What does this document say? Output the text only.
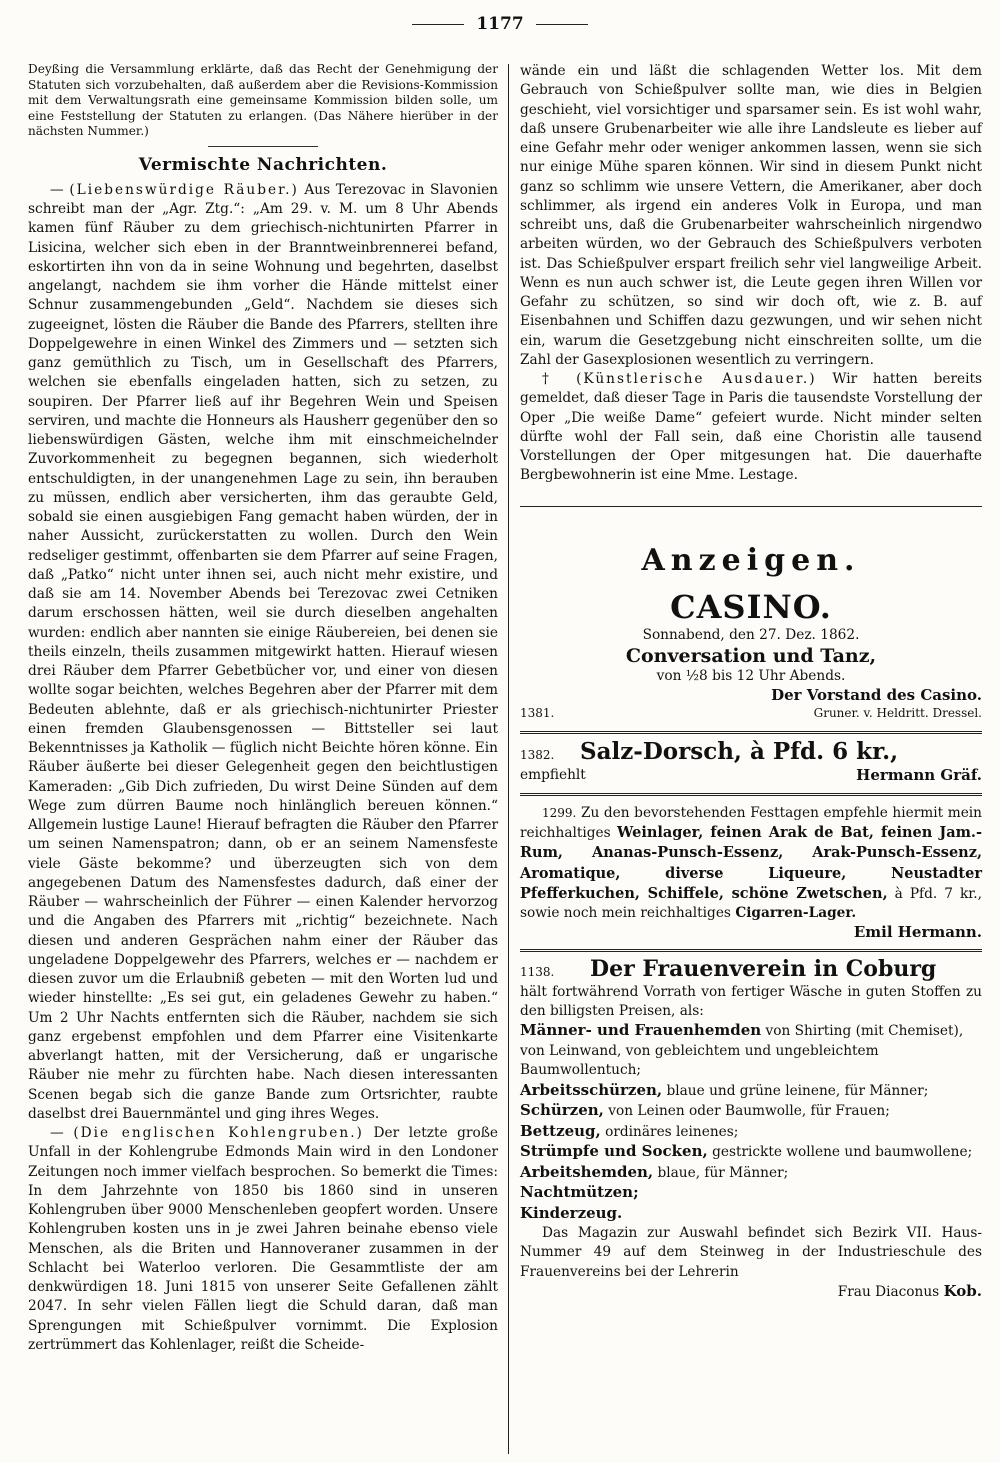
1177

Deyßing die Versammlung erklärte, daß das Recht der Genehmigung der Statuten sich vorzubehalten, daß außerdem aber die Revisions-Kommission mit dem Verwaltungsrath eine gemeinsame Kommission bilden solle, um eine Feststellung der Statuten zu erlangen. (Das Nähere hierüber in der nächsten Nummer.)

Vermischte Nachrichten.

— (Liebenswürdige Räuber.) Aus Terezovac in Slavonien schreibt man der „Agr. Ztg.“: „Am 29. v. M. um 8 Uhr Abends kamen fünf Räuber zu dem griechisch-nichtunirten Pfarrer in Lisicina, welcher sich eben in der Branntweinbrennerei befand, eskortirten ihn von da in seine Wohnung und begehrten, daselbst angelangt, nachdem sie ihm vorher die Hände mittelst einer Schnur zusammengebunden „Geld“. Nachdem sie dieses sich zugeeignet, lösten die Räuber die Bande des Pfarrers, stellten ihre Doppelgewehre in einen Winkel des Zimmers und — setzten sich ganz gemüthlich zu Tisch, um in Gesellschaft des Pfarrers, welchen sie ebenfalls eingeladen hatten, sich zu setzen, zu soupiren. Der Pfarrer ließ auf ihr Begehren Wein und Speisen serviren, und machte die Honneurs als Hausherr gegenüber den so liebenswürdigen Gästen, welche ihm mit einschmeichelnder Zuvorkommenheit zu begegnen begannen, sich wiederholt entschuldigten, in der unangenehmen Lage zu sein, ihn berauben zu müssen, endlich aber versicherten, ihm das geraubte Geld, sobald sie einen ausgiebigen Fang gemacht haben würden, der in naher Aussicht, zurückerstatten zu wollen. Durch den Wein redseliger gestimmt, offenbarten sie dem Pfarrer auf seine Fragen, daß „Patko“ nicht unter ihnen sei, auch nicht mehr existire, und daß sie am 14. November Abends bei Terezovac zwei Cetniken darum erschossen hätten, weil sie durch dieselben angehalten wurden: endlich aber nannten sie einige Räubereien, bei denen sie theils einzeln, theils zusammen mitgewirkt hatten. Hierauf wiesen drei Räuber dem Pfarrer Gebetbücher vor, und einer von diesen wollte sogar beichten, welches Begehren aber der Pfarrer mit dem Bedeuten ablehnte, daß er als griechisch-nichtunirter Priester einen fremden Glaubensgenossen — Bittsteller sei laut Bekenntnisses ja Katholik — füglich nicht Beichte hören könne. Ein Räuber äußerte bei dieser Gelegenheit gegen den beichtlustigen Kameraden: „Gib Dich zufrieden, Du wirst Deine Sünden auf dem Wege zum dürren Baume noch hinlänglich bereuen können.“ Allgemein lustige Laune! Hierauf befragten die Räuber den Pfarrer um seinen Namenspatron; dann, ob er an seinem Namensfeste viele Gäste bekomme? und überzeugten sich von dem angegebenen Datum des Namensfestes dadurch, daß einer der Räuber — wahrscheinlich der Führer — einen Kalender hervorzog und die Angaben des Pfarrers mit „richtig“ bezeichnete. Nach diesen und anderen Gesprächen nahm einer der Räuber das ungeladene Doppelgewehr des Pfarrers, welches er — nachdem er diesen zuvor um die Erlaubniß gebeten — mit den Worten lud und wieder hinstellte: „Es sei gut, ein geladenes Gewehr zu haben.“ Um 2 Uhr Nachts entfernten sich die Räuber, nachdem sie sich ganz ergebenst empfohlen und dem Pfarrer eine Visitenkarte abverlangt hatten, mit der Versicherung, daß er ungarische Räuber nie mehr zu fürchten habe. Nach diesen interessanten Scenen begab sich die ganze Bande zum Ortsrichter, raubte daselbst drei Bauernmäntel und ging ihres Weges.

— (Die englischen Kohlengruben.) Der letzte große Unfall in der Kohlengrube Edmonds Main wird in den Londoner Zeitungen noch immer vielfach besprochen. So bemerkt die Times: In dem Jahrzehnte von 1850 bis 1860 sind in unseren Kohlengruben über 9000 Menschenleben geopfert worden. Unsere Kohlengruben kosten uns in je zwei Jahren beinahe ebenso viele Menschen, als die Briten und Hannoveraner zusammen in der Schlacht bei Waterloo verloren. Die Gesammtliste der am denkwürdigen 18. Juni 1815 von unserer Seite Gefallenen zählt 2047. In sehr vielen Fällen liegt die Schuld daran, daß man Sprengungen mit Schießpulver vornimmt. Die Explosion zertrümmert das Kohlenlager, reißt die Scheide-

wände ein und läßt die schlagenden Wetter los. Mit dem Gebrauch von Schießpulver sollte man, wie dies in Belgien geschieht, viel vorsichtiger und sparsamer sein. Es ist wohl wahr, daß unsere Grubenarbeiter wie alle ihre Landsleute es lieber auf eine Gefahr mehr oder weniger ankommen lassen, wenn sie sich nur einige Mühe sparen können. Wir sind in diesem Punkt nicht ganz so schlimm wie unsere Vettern, die Amerikaner, aber doch schlimmer, als irgend ein anderes Volk in Europa, und man schreibt uns, daß die Grubenarbeiter wahrscheinlich nirgendwo arbeiten würden, wo der Gebrauch des Schießpulvers verboten ist. Das Schießpulver erspart freilich sehr viel langweilige Arbeit. Wenn es nun auch schwer ist, die Leute gegen ihren Willen vor Gefahr zu schützen, so sind wir doch oft, wie z. B. auf Eisenbahnen und Schiffen dazu gezwungen, und wir sehen nicht ein, warum die Gesetzgebung nicht einschreiten sollte, um die Zahl der Gasexplosionen wesentlich zu verringern.

† (Künstlerische Ausdauer.) Wir hatten bereits gemeldet, daß dieser Tage in Paris die tausendste Vorstellung der Oper „Die weiße Dame“ gefeiert wurde. Nicht minder selten dürfte wohl der Fall sein, daß eine Choristin alle tausend Vorstellungen der Oper mitgesungen hat. Die dauerhafte Bergbewohnerin ist eine Mme. Lestage.

Anzeigen.
CASINO.
Sonnabend, den 27. Dez. 1862.
Conversation und Tanz,
von ½8 bis 12 Uhr Abends.
Der Vorstand des Casino.
1381.	Gruner. v. Heldritt. Dressel.
1382.	Salz-Dorsch, à Pfd. 6 kr.,
empfiehlt	Hermann Gräf.

1299. Zu den bevorstehenden Festtagen empfehle hiermit mein reichhaltiges Weinlager, feinen Arak de Bat, feinen Jam.-Rum, Ananas-Punsch-Essenz, Arak-Punsch-Essenz, Aromatique, diverse Liqueure, Neustadter Pfefferkuchen, Schiffele, schöne Zwetschen, à Pfd. 7 kr., sowie noch mein reichhaltiges Cigarren-Lager.

Emil Hermann.
1138.	Der Frauenverein in Coburg

hält fortwährend Vorrath von fertiger Wäsche in guten Stoffen zu den billigsten Preisen, als:

Männer- und Frauenhemden von Shirting (mit Chemiset), von Leinwand, von gebleichtem und ungebleichtem Baumwollentuch;
Arbeitsschürzen, blaue und grüne leinene, für Männer;
Schürzen, von Leinen oder Baumwolle, für Frauen;
Bettzeug, ordinäres leinenes;
Strümpfe und Socken, gestrickte wollene und baumwollene;
Arbeitshemden, blaue, für Männer;
Nachtmützen;
Kinderzeug.

Das Magazin zur Auswahl befindet sich Bezirk VII. Haus-Nummer 49 auf dem Steinweg in der Industrieschule des Frauenvereins bei der Lehrerin

Frau Diaconus Kob.
